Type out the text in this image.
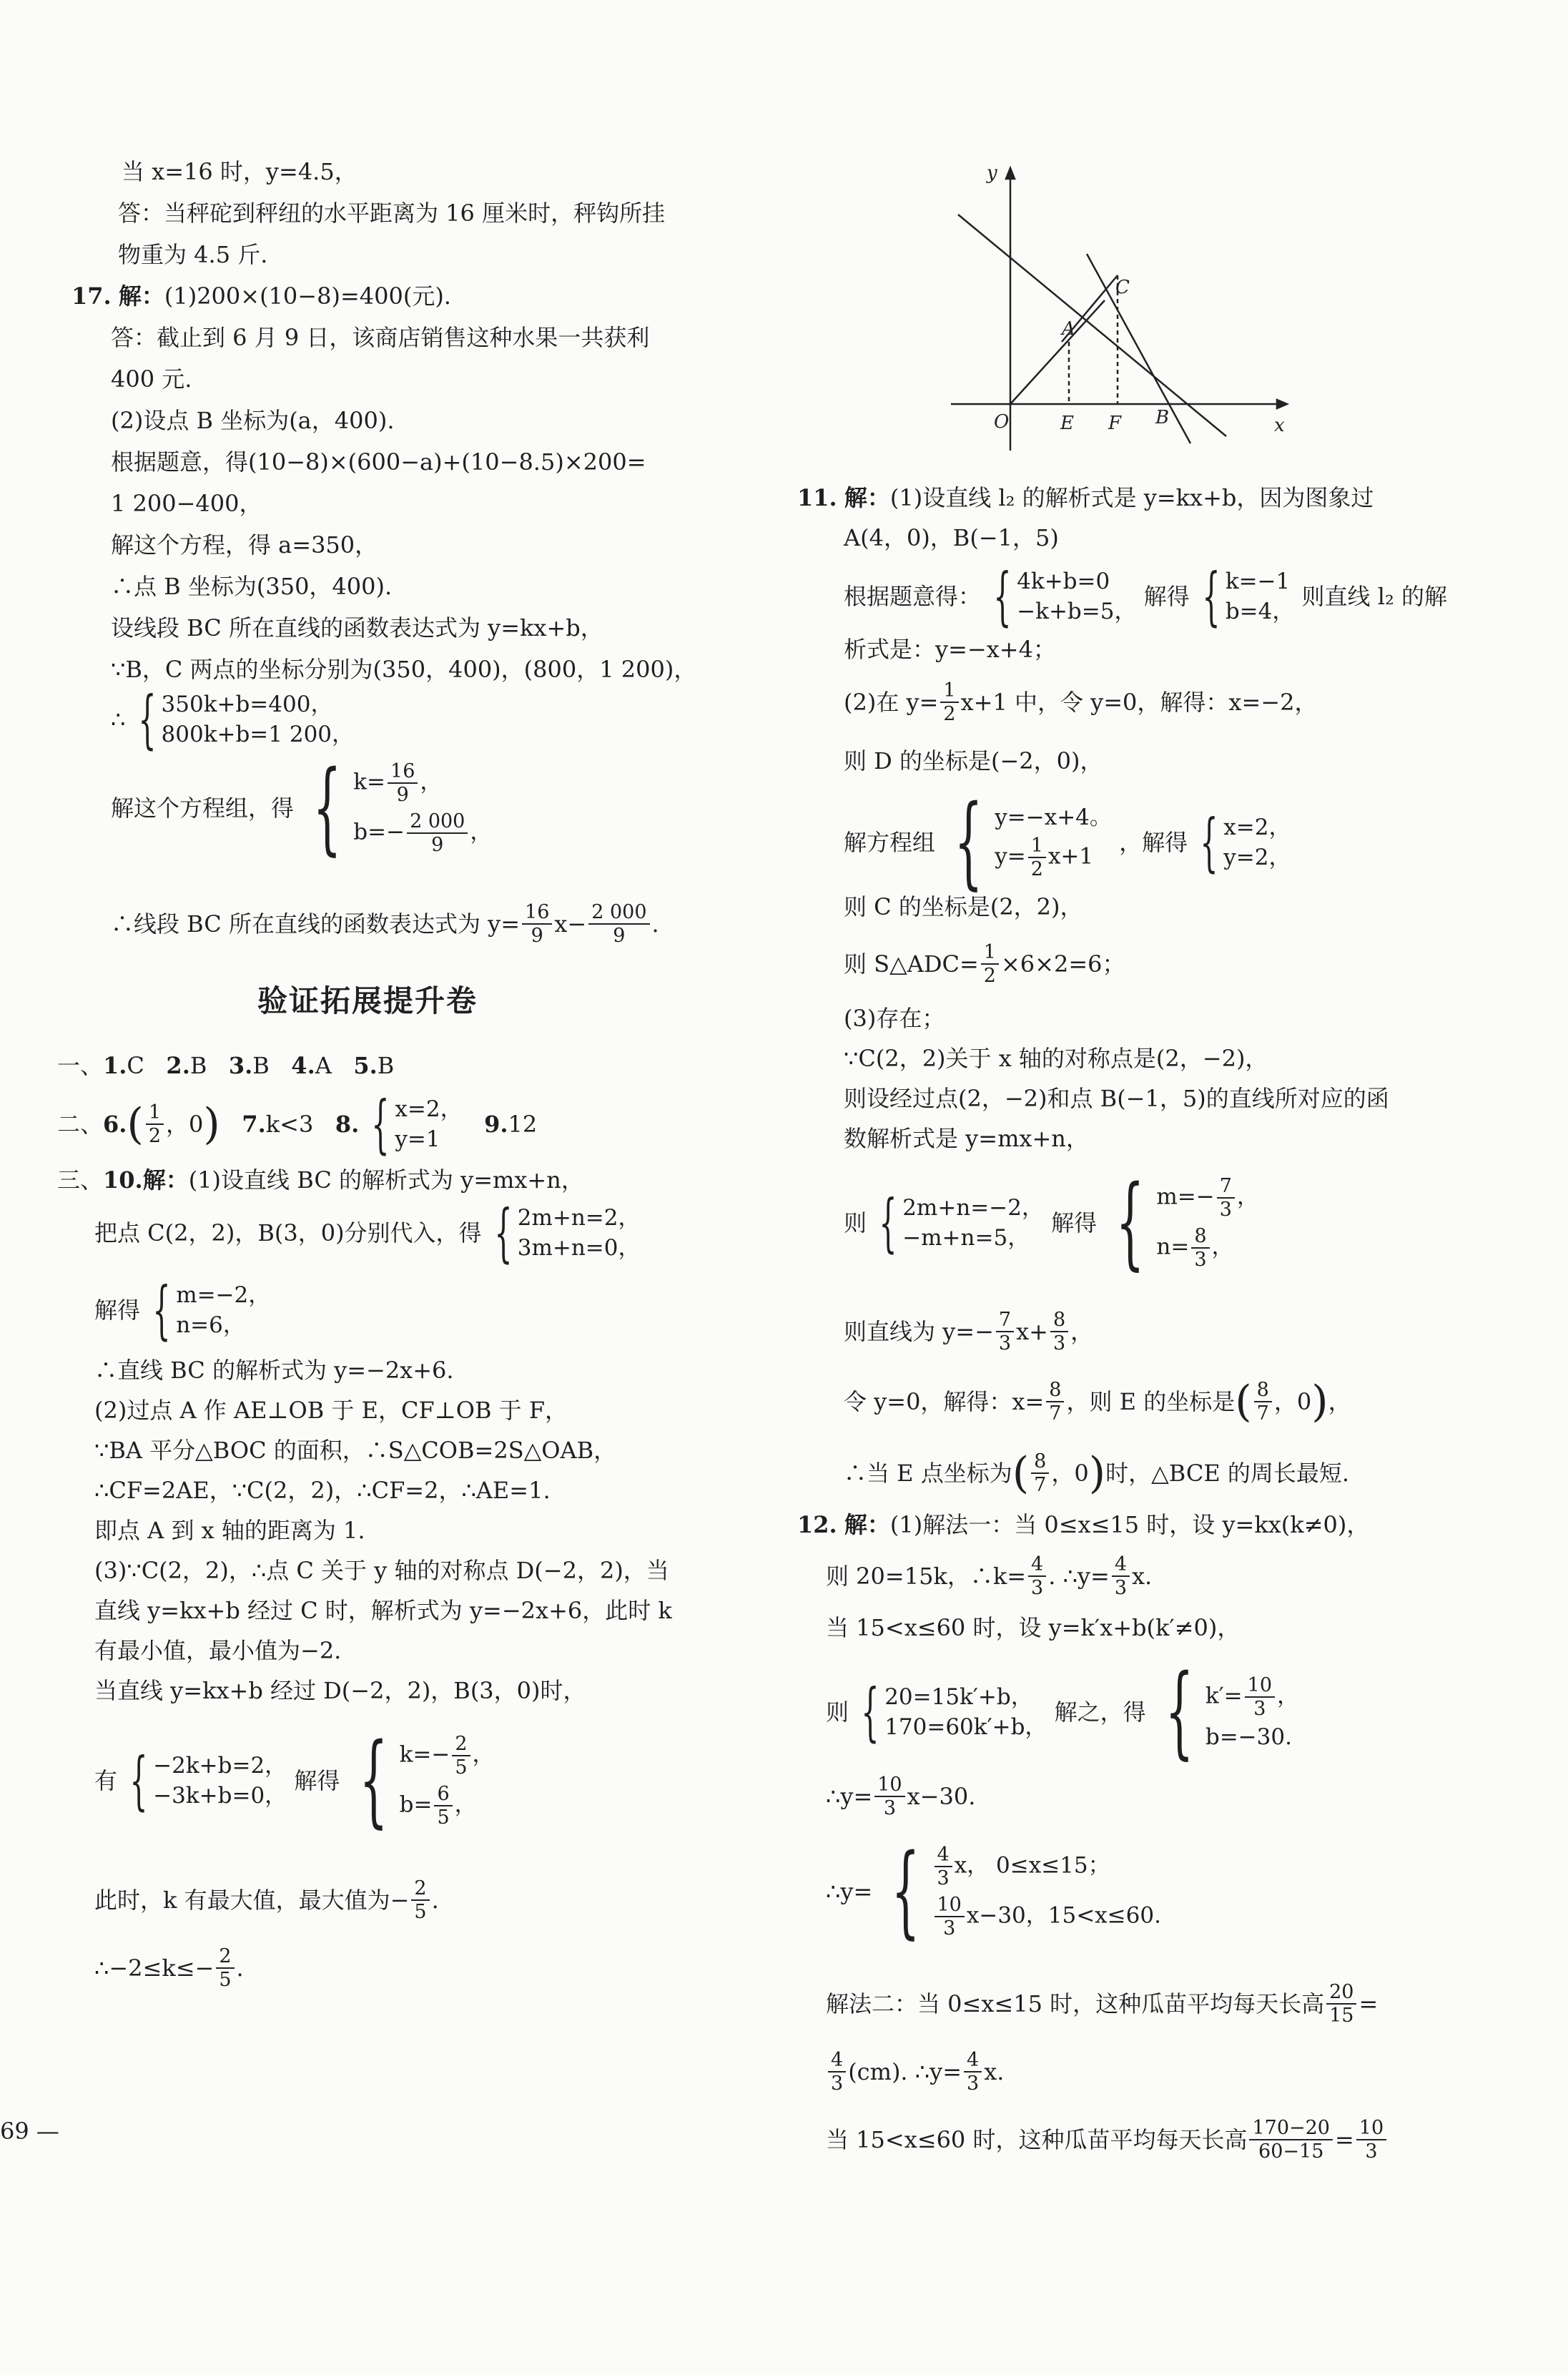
当 x=16 时，y=4.5，
答：当秤砣到秤纽的水平距离为 16 厘米时，秤钩所挂
物重为 4.5 斤.
17. 解：(1)200×(10−8)=400(元).
答：截止到 6 月 9 日，该商店销售这种水果一共获利
400 元.
(2)设点 B 坐标为(a，400).
根据题意，得(10−8)×(600−a)+(10−8.5)×200=
1 200−400，
解这个方程，得 a=350，
∴点 B 坐标为(350，400).
设线段 BC 所在直线的函数表达式为 y=kx+b，
∵B，C 两点的坐标分别为(350，400)，(800，1 200)，
∴ { 350k+b=400，
800k+b=1 200，
解这个方程组，得 { $k= \frac{16}{9}$ ，
$b=- \frac{2 000}{9}$ ，
∴线段 BC 所在直线的函数表达式为 $y= \frac{16}{9} x- \frac{2 000}{9}$ .
验证拓展提升卷
一、1.C 2.B 3.B 4.A 5.B
二、$6.( \frac{1}{2}$ ，0) 7.k<3 8. { x=2，
y=1
9.12
三、10.解：(1)设直线 BC 的解析式为 y=mx+n，
把点 C(2，2)，B(3，0)分别代入，得 { 2m+n=2，
3m+n=0，
解得 { m=−2，
n=6，
∴直线 BC 的解析式为 y=−2x+6.
(2)过点 A 作 AE⊥OB 于 E，CF⊥OB 于 F，
∵BA 平分△BOC 的面积，∴S△COB=2S△OAB，
∴CF=2AE，∵C(2，2)，∴CF=2，∴AE=1.
即点 A 到 x 轴的距离为 1.
(3)∵C(2，2)，∴点 C 关于 y 轴的对称点 D(−2，2)，当
直线 y=kx+b 经过 C 时，解析式为 y=−2x+6，此时 k
有最小值，最小值为−2.
当直线 y=kx+b 经过 D(−2，2)，B(3，0)时，
有 { −2k+b=2，
−3k+b=0，
解得 { $k=- \frac{2}{5}$ ，
$b= \frac{6}{5}$ ，
此时，k 有最大值，最大值为− $\frac{2}{5}$ .
∴−2≤k≤− $\frac{2}{5}$ .
69 —
y
x
O
A
C
E F B
11. 解：(1)设直线 l₂ 的解析式是 y=kx+b，因为图象过
A(4，0)，B(−1，5)
根据题意得： { 4k+b=0
−k+b=5，
解得 { k=−1
b=4，
则直线 l₂ 的解
析式是：y=−x+4；
(2)在 $y= \frac{1}{2} x+1$ 中，令 y=0，解得：x=−2，
则 D 的坐标是(−2，0)，
解方程组 { y=−x+4。
$y= \frac{1}{2} x+1$
，解得 { x=2，
y=2，
则 C 的坐标是(2，2)，
则 S△ADC= $\frac{1}{2} \times 6\times 2=6$；
(3)存在；
∵C(2，2)关于 x 轴的对称点是(2，−2)，
则设经过点(2，−2)和点 B(−1，5)的直线所对应的函
数解析式是 y=mx+n，
则 { 2m+n=−2，
−m+n=5，
解得 { $m=- \frac{7}{3}$ ，
$n= \frac{8}{3}$ ，
则直线为 $y=- \frac{7}{3} x+ \frac{8}{3}$ ，
令 y=0，解得：$x= \frac{8}{7}$ ，则 E 的坐标是( $\frac{8}{7}$ ，0)，
∴当 E 点坐标为( $\frac{8}{7}$ ，0)时，△BCE 的周长最短.
12. 解：(1)解法一：当 0≤x≤15 时，设 y=kx(k≠0)，
则 20=15k，∴k= $\frac{4}{3}$ . ∴y= $\frac{4}{3} x$.
当 15<x≤60 时，设 y=k′x+b(k′≠0)，
则 { 20=15k′+b，
170=60k′+b，
解之，得 { $k'= \frac{10}{3}$ ，
b=−30.
∴y= $\frac{10}{3} x-30$.
∴y= { $\frac{4}{3}$ x， 0≤x≤15；
$\frac{10}{3} x-30$，15<x≤60.
解法二：当 0≤x≤15 时，这种瓜苗平均每天长高 $\frac{20}{15}$ =
$\frac{4}{3} (cm)$. ∴y= $\frac{4}{3} x$.
当 15<x≤60 时，这种瓜苗平均每天长高 $\frac{170-20}{60-15} = \frac{10}{3}$
